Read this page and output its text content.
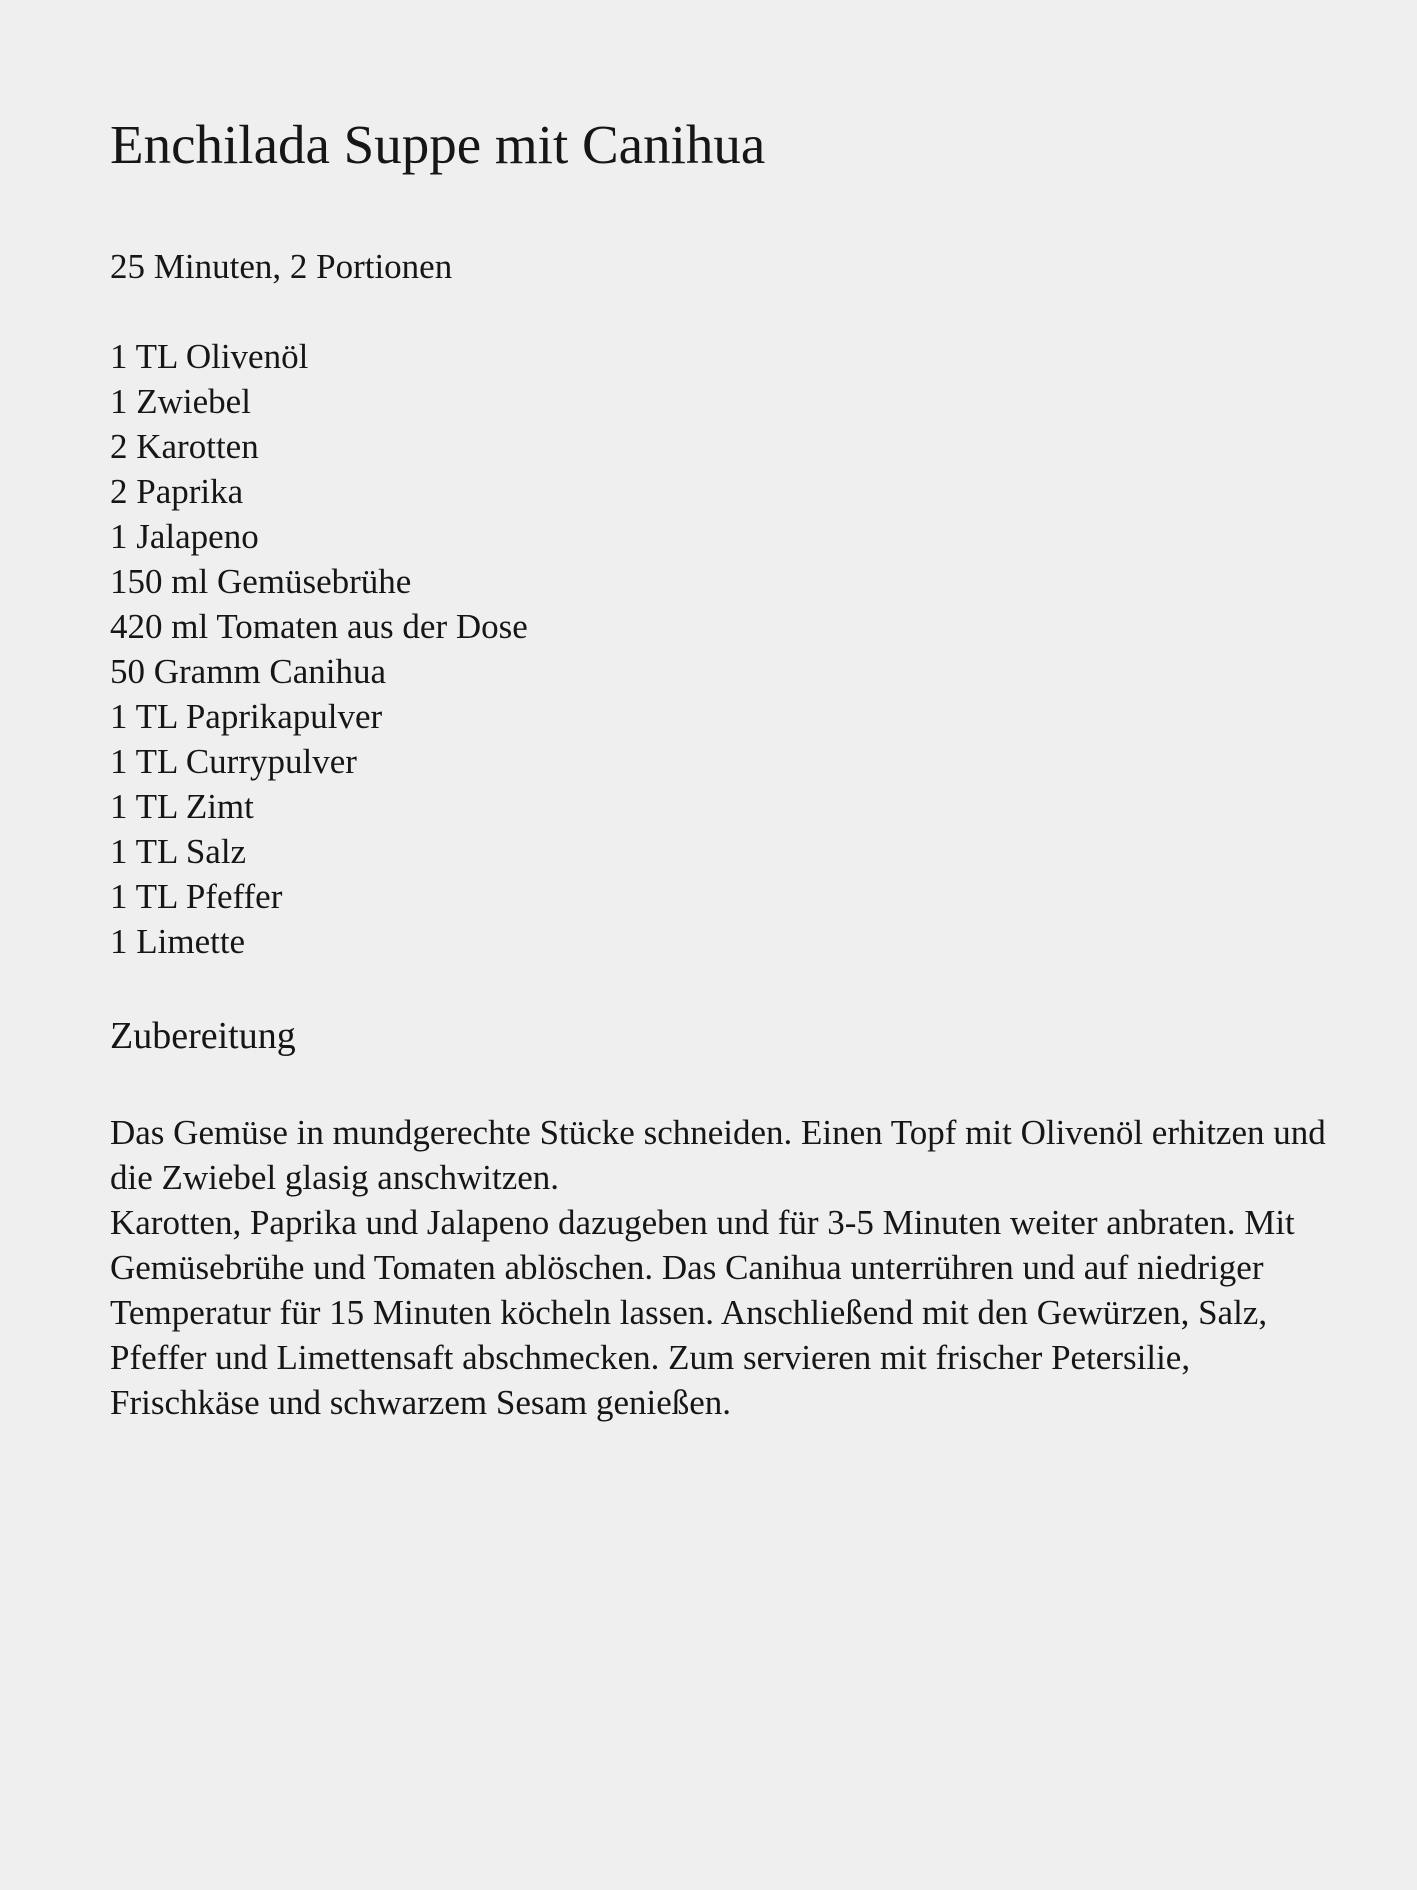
Enchilada Suppe mit Canihua

25 Minuten, 2 Portionen

1 TL Olivenöl
1 Zwiebel
2 Karotten
2 Paprika
1 Jalapeno
150 ml Gemüsebrühe
420 ml Tomaten aus der Dose
50 Gramm Canihua
1 TL Paprikapulver
1 TL Currypulver
1 TL Zimt
1 TL Salz
1 TL Pfeffer
1 Limette
Zubereitung

Das Gemüse in mundgerechte Stücke schneiden. Einen Topf mit Olivenöl erhitzen und die Zwiebel glasig anschwitzen.

Karotten, Paprika und Jalapeno dazugeben und für 3-5 Minuten weiter anbraten. Mit Gemüsebrühe und Tomaten ablöschen. Das Canihua unterrühren und auf niedriger Temperatur für 15 Minuten köcheln lassen. Anschließend mit den Gewürzen, Salz, Pfeffer und Limettensaft abschmecken. Zum servieren mit frischer Petersilie, Frischkäse und schwarzem Sesam genießen.
